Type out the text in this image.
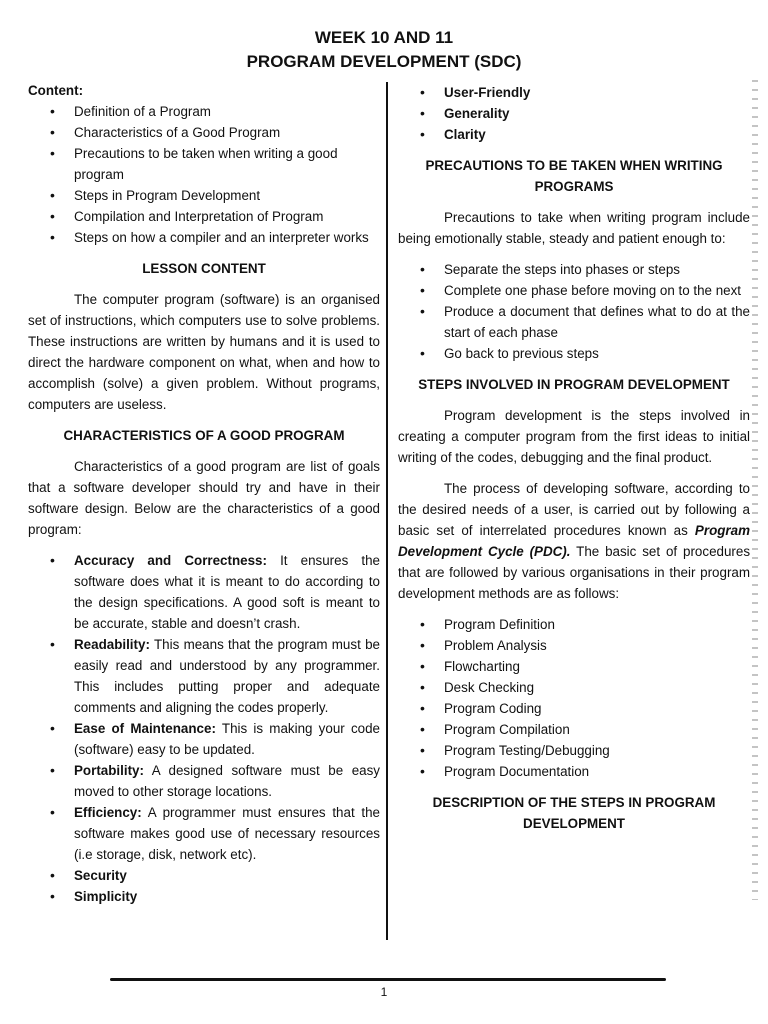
WEEK 10 AND 11
PROGRAM DEVELOPMENT (SDC)

Content:

• Definition of a Program
• Characteristics of a Good Program
• Precautions to be taken when writing a good program
• Steps in Program Development
• Compilation and Interpretation of Program
• Steps on how a compiler and an interpreter works

LESSON CONTENT

The computer program (software) is an organised set of instructions, which computers use to solve problems. These instructions are written by humans and it is used to direct the hardware component on what, when and how to accomplish (solve) a given problem. Without programs, computers are useless.

CHARACTERISTICS OF A GOOD PROGRAM

Characteristics of a good program are list of goals that a software developer should try and have in their software design. Below are the characteristics of a good program:

• Accuracy and Correctness: It ensures the software does what it is meant to do according to the design specifications. A good soft is meant to be accurate, stable and doesn’t crash.
• Readability: This means that the program must be easily read and understood by any programmer. This includes putting proper and adequate comments and aligning the codes properly.
• Ease of Maintenance: This is making your code (software) easy to be updated.
• Portability: A designed software must be easy moved to other storage locations.
• Efficiency: A programmer must ensures that the software makes good use of necessary resources (i.e storage, disk, network etc).
• Security
• Simplicity
• User-Friendly
• Generality
• Clarity

PRECAUTIONS TO BE TAKEN WHEN WRITING

PROGRAMS

Precautions to take when writing program include being emotionally stable, steady and patient enough to:

• Separate the steps into phases or steps
• Complete one phase before moving on to the next
• Produce a document that defines what to do at the start of each phase
• Go back to previous steps

STEPS INVOLVED IN PROGRAM DEVELOPMENT

Program development is the steps involved in creating a computer program from the first ideas to initial writing of the codes, debugging and the final product.

The process of developing software, according to the desired needs of a user, is carried out by following a basic set of interrelated procedures known as Program Development Cycle (PDC). The basic set of procedures that are followed by various organisations in their program development methods are as follows:

• Program Definition
• Problem Analysis
• Flowcharting
• Desk Checking
• Program Coding
• Program Compilation
• Program Testing/Debugging
• Program Documentation

DESCRIPTION OF THE STEPS IN PROGRAM

DEVELOPMENT

1
